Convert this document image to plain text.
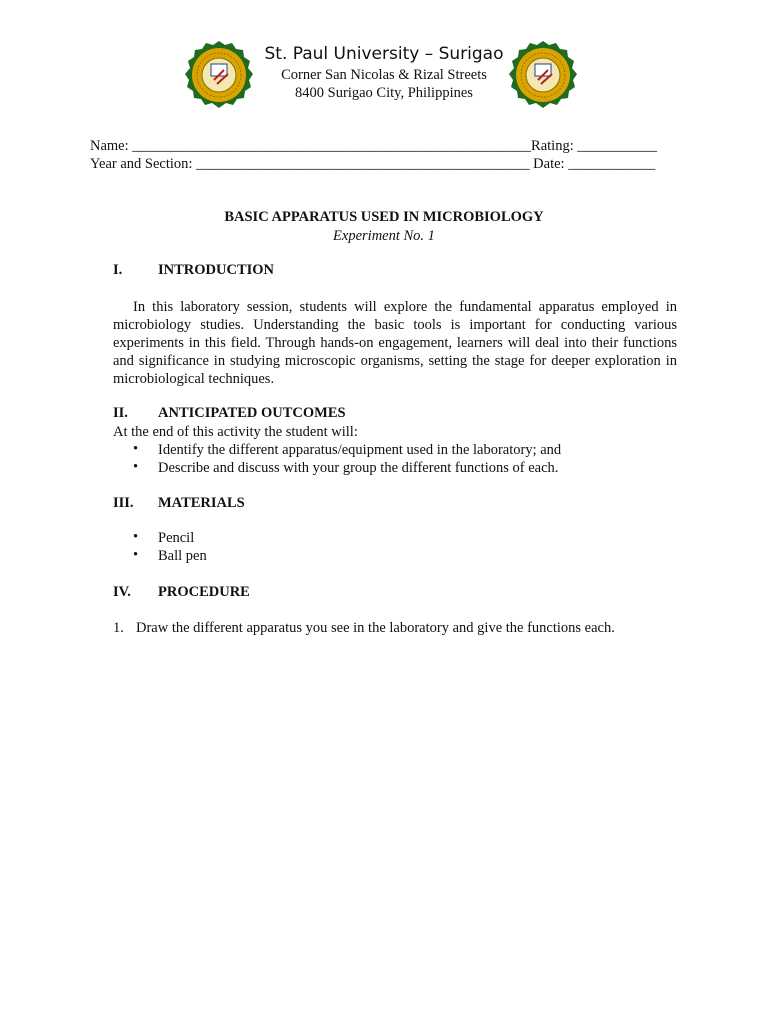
St. Paul University – Surigao
Corner San Nicolas & Rizal Streets
8400 Surigao City, Philippines
Name: _______________________________________________________Rating: ___________
Year and Section: ______________________________________________ Date: ____________
BASIC APPARATUS USED IN MICROBIOLOGY
Experiment No. 1
I. INTRODUCTION
In this laboratory session, students will explore the fundamental apparatus employed in microbiology studies. Understanding the basic tools is important for conducting various experiments in this field. Through hands-on engagement, learners will deal into their functions and significance in studying microscopic organisms, setting the stage for deeper exploration in microbiological techniques.
II. ANTICIPATED OUTCOMES
At the end of this activity the student will:
• Identify the different apparatus/equipment used in the laboratory; and
• Describe and discuss with your group the different functions of each.
III. MATERIALS
• Pencil
• Ball pen
IV. PROCEDURE
1. Draw the different apparatus you see in the laboratory and give the functions each.
